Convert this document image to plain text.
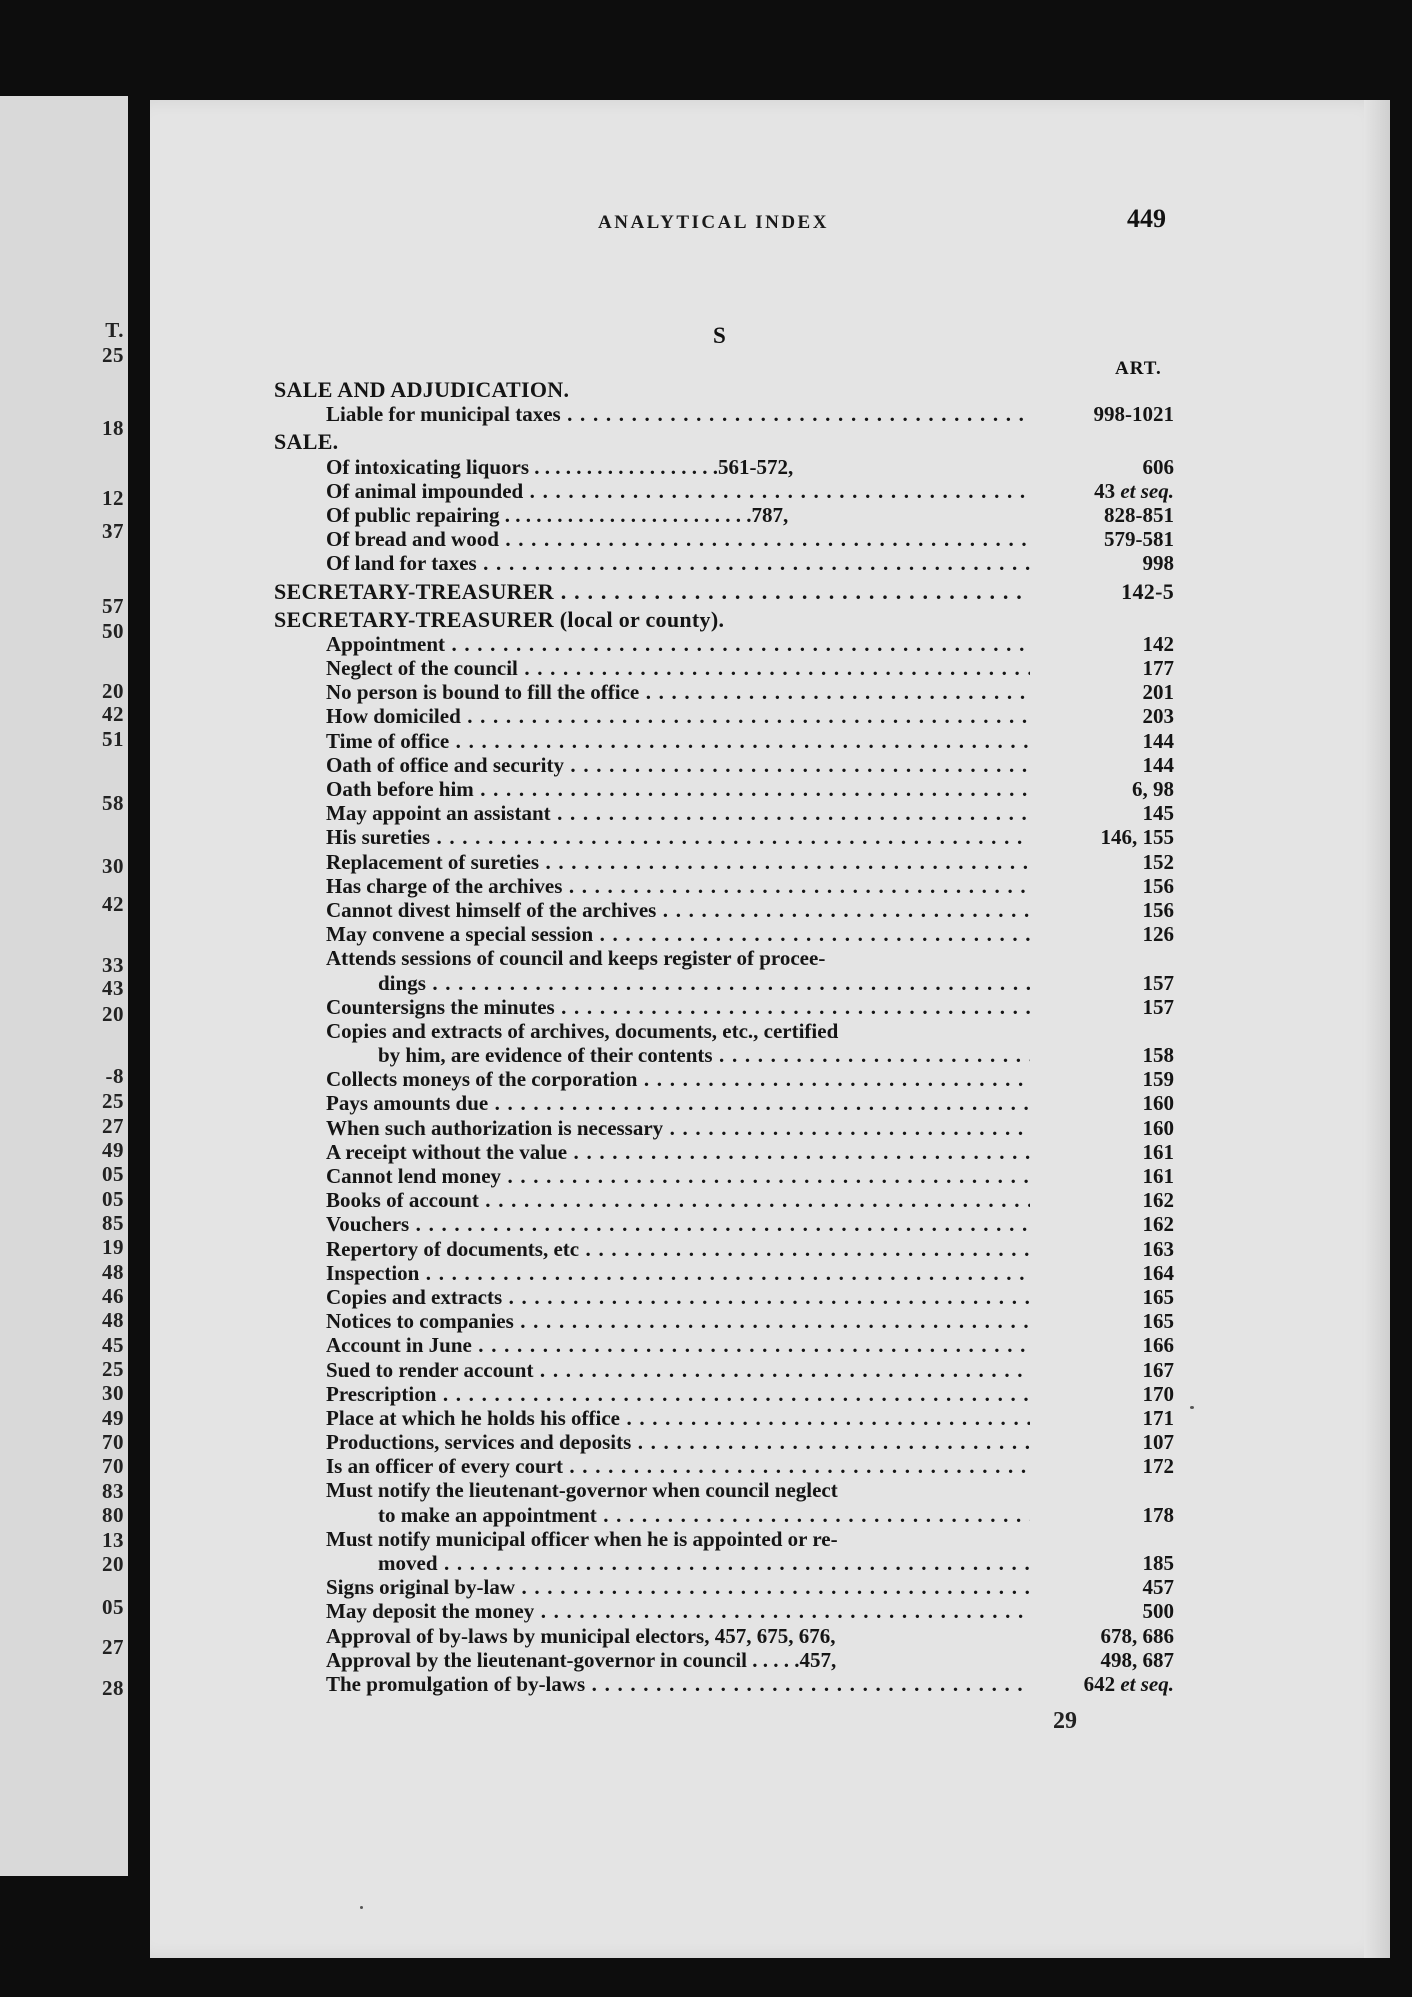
T.
25
18
12
37
57
50
20
42
51
58
30
42
33
43
20
-8
25
27
49
05
05
85
19
48
46
48
45
25
30
49
70
70
83
80
13
20
05
27
28
ANALYTICAL INDEX	449
S
ART.
SALE AND ADJUDICATION.
Liable for municipal taxes . . .	998-1021
SALE.
Of intoxicating liquors . . . . . . . . . . . . . . . . . .561-572,	606
Of animal impounded . . .	43 et seq.
Of public repairing . . . . . . . . . . . . . . . . . . . . . . . .787,	828-851
Of bread and wood . . .	579-581
Of land for taxes . . .	998
SECRETARY-TREASURER . . .	142-5
SECRETARY-TREASURER (local or county).
Appointment . . .	142
Neglect of the council . . .	177
No person is bound to fill the office . . .	201
How domiciled . . .	203
Time of office . . .	144
Oath of office and security . . .	144
Oath before him . . .	6, 98
May appoint an assistant . . .	145
His sureties . . .	146, 155
Replacement of sureties . . .	152
Has charge of the archives . . .	156
Cannot divest himself of the archives . . .	156
May convene a special session . . .	126
Attends sessions of council and keeps register of procee-
dings . . .	157
Countersigns the minutes . . .	157
Copies and extracts of archives, documents, etc., certified
by him, are evidence of their contents . . .	158
Collects moneys of the corporation . . .	159
Pays amounts due . . .	160
When such authorization is necessary . . .	160
A receipt without the value . . .	161
Cannot lend money . . .	161
Books of account . . .	162
Vouchers . . .	162
Repertory of documents, etc . . .	163
Inspection . . .	164
Copies and extracts . . .	165
Notices to companies . . .	165
Account in June . . .	166
Sued to render account . . .	167
Prescription . . .	170
Place at which he holds his office . . .	171
Productions, services and deposits . . .	107
Is an officer of every court . . .	172
Must notify the lieutenant-governor when council neglect
to make an appointment . . .	178
Must notify municipal officer when he is appointed or re-
moved . . .	185
Signs original by-law . . .	457
May deposit the money . . .	500
Approval of by-laws by municipal electors, 457, 675, 676,	678, 686
Approval by the lieutenant-governor in council . . . . .457,	498, 687
The promulgation of by-laws . . .	642 et seq.
29
